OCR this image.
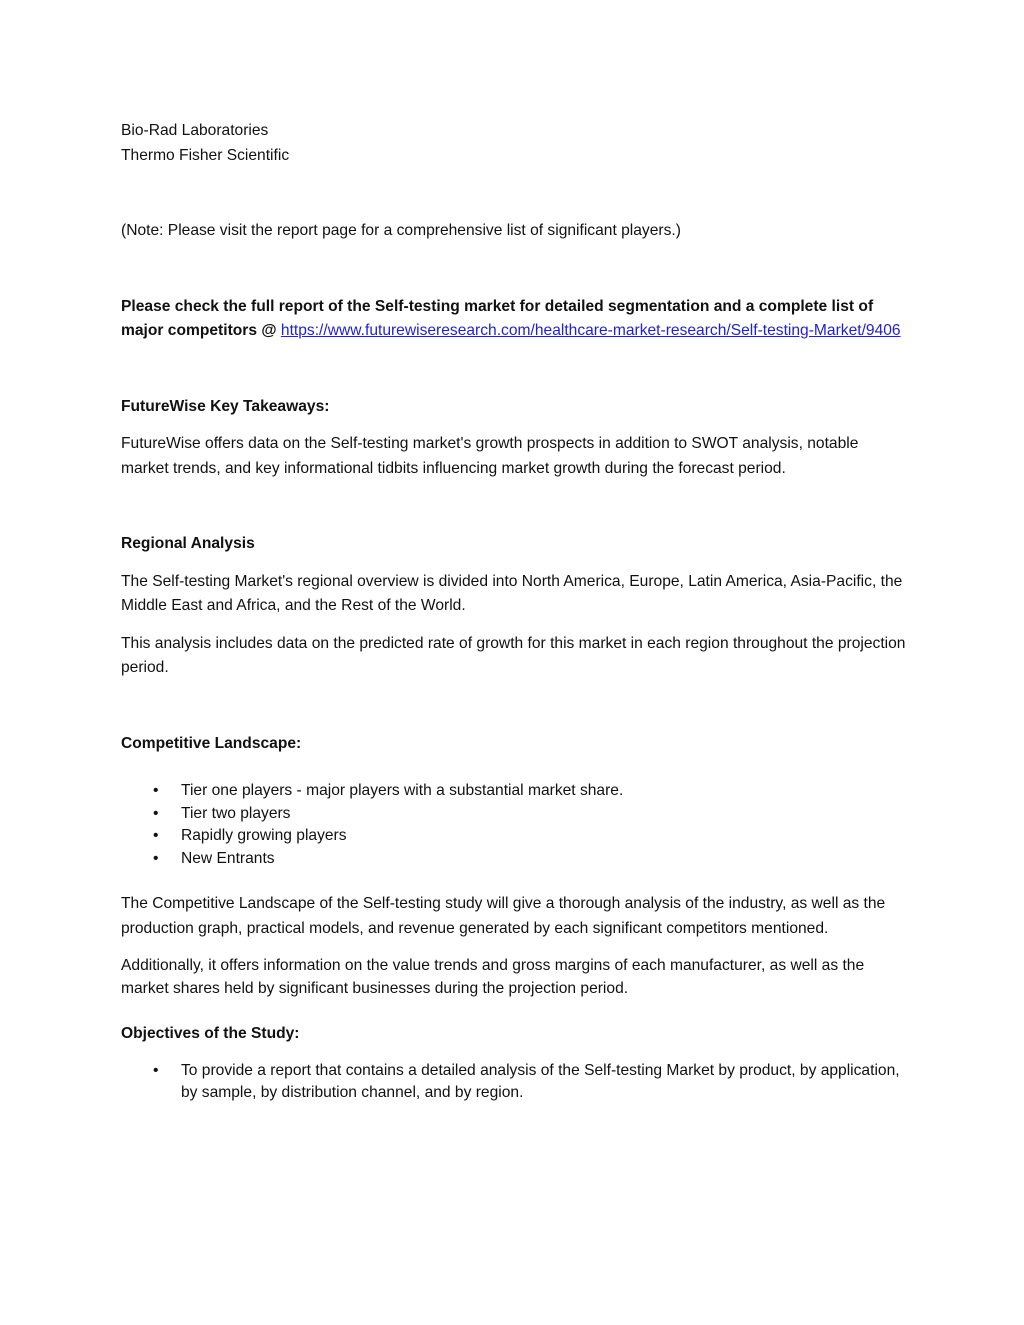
Bio-Rad Laboratories

Thermo Fisher Scientific

(Note: Please visit the report page for a comprehensive list of significant players.)

Please check the full report of the Self-testing market for detailed segmentation and a complete list of major competitors @ https://www.futurewiseresearch.com/healthcare-market-research/Self-testing-Market/9406

FutureWise Key Takeaways:

FutureWise offers data on the Self-testing market's growth prospects in addition to SWOT analysis, notable market trends, and key informational tidbits influencing market growth during the forecast period.

Regional Analysis

The Self-testing Market's regional overview is divided into North America, Europe, Latin America, Asia-Pacific, the Middle East and Africa, and the Rest of the World.

This analysis includes data on the predicted rate of growth for this market in each region throughout the projection period.

Competitive Landscape:

• Tier one players - major players with a substantial market share.
• Tier two players
• Rapidly growing players
• New Entrants

The Competitive Landscape of the Self-testing study will give a thorough analysis of the industry, as well as the production graph, practical models, and revenue generated by each significant competitors mentioned.

Additionally, it offers information on the value trends and gross margins of each manufacturer, as well as the market shares held by significant businesses during the projection period.

Objectives of the Study:

• To provide a report that contains a detailed analysis of the Self-testing Market by product, by application, by sample, by distribution channel, and by region.
